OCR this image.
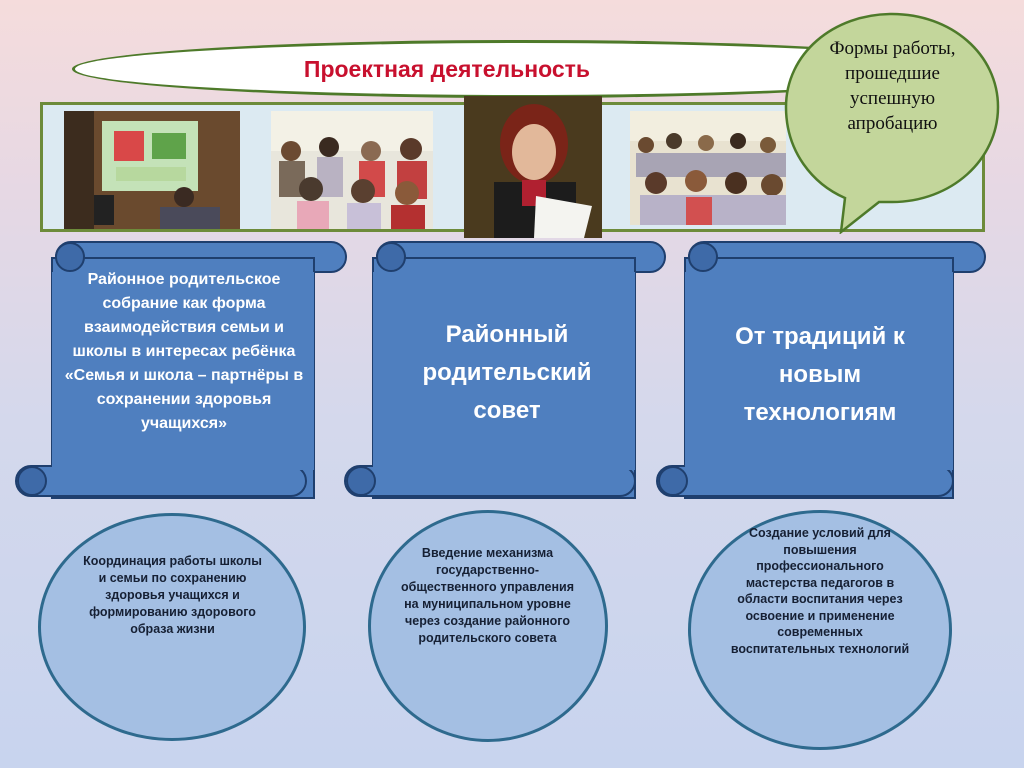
Проектная деятельность
Формы работы, прошедшие успешную апробацию
Районное родительское собрание как форма взаимодействия семьи и школы в интересах ребёнка «Семья и школа – партнёры в сохранении здоровья учащихся»
Районный родительский совет
От традиций к новым технологиям
Координация работы школы и семьи по сохранению здоровья учащихся и формированию здорового образа жизни
Введение механизма государственно-общественного управления на муниципальном уровне через создание районного родительского совета
Создание условий для повышения профессионального мастерства педагогов в области воспитания через освоение и применение современных воспитательных технологий
